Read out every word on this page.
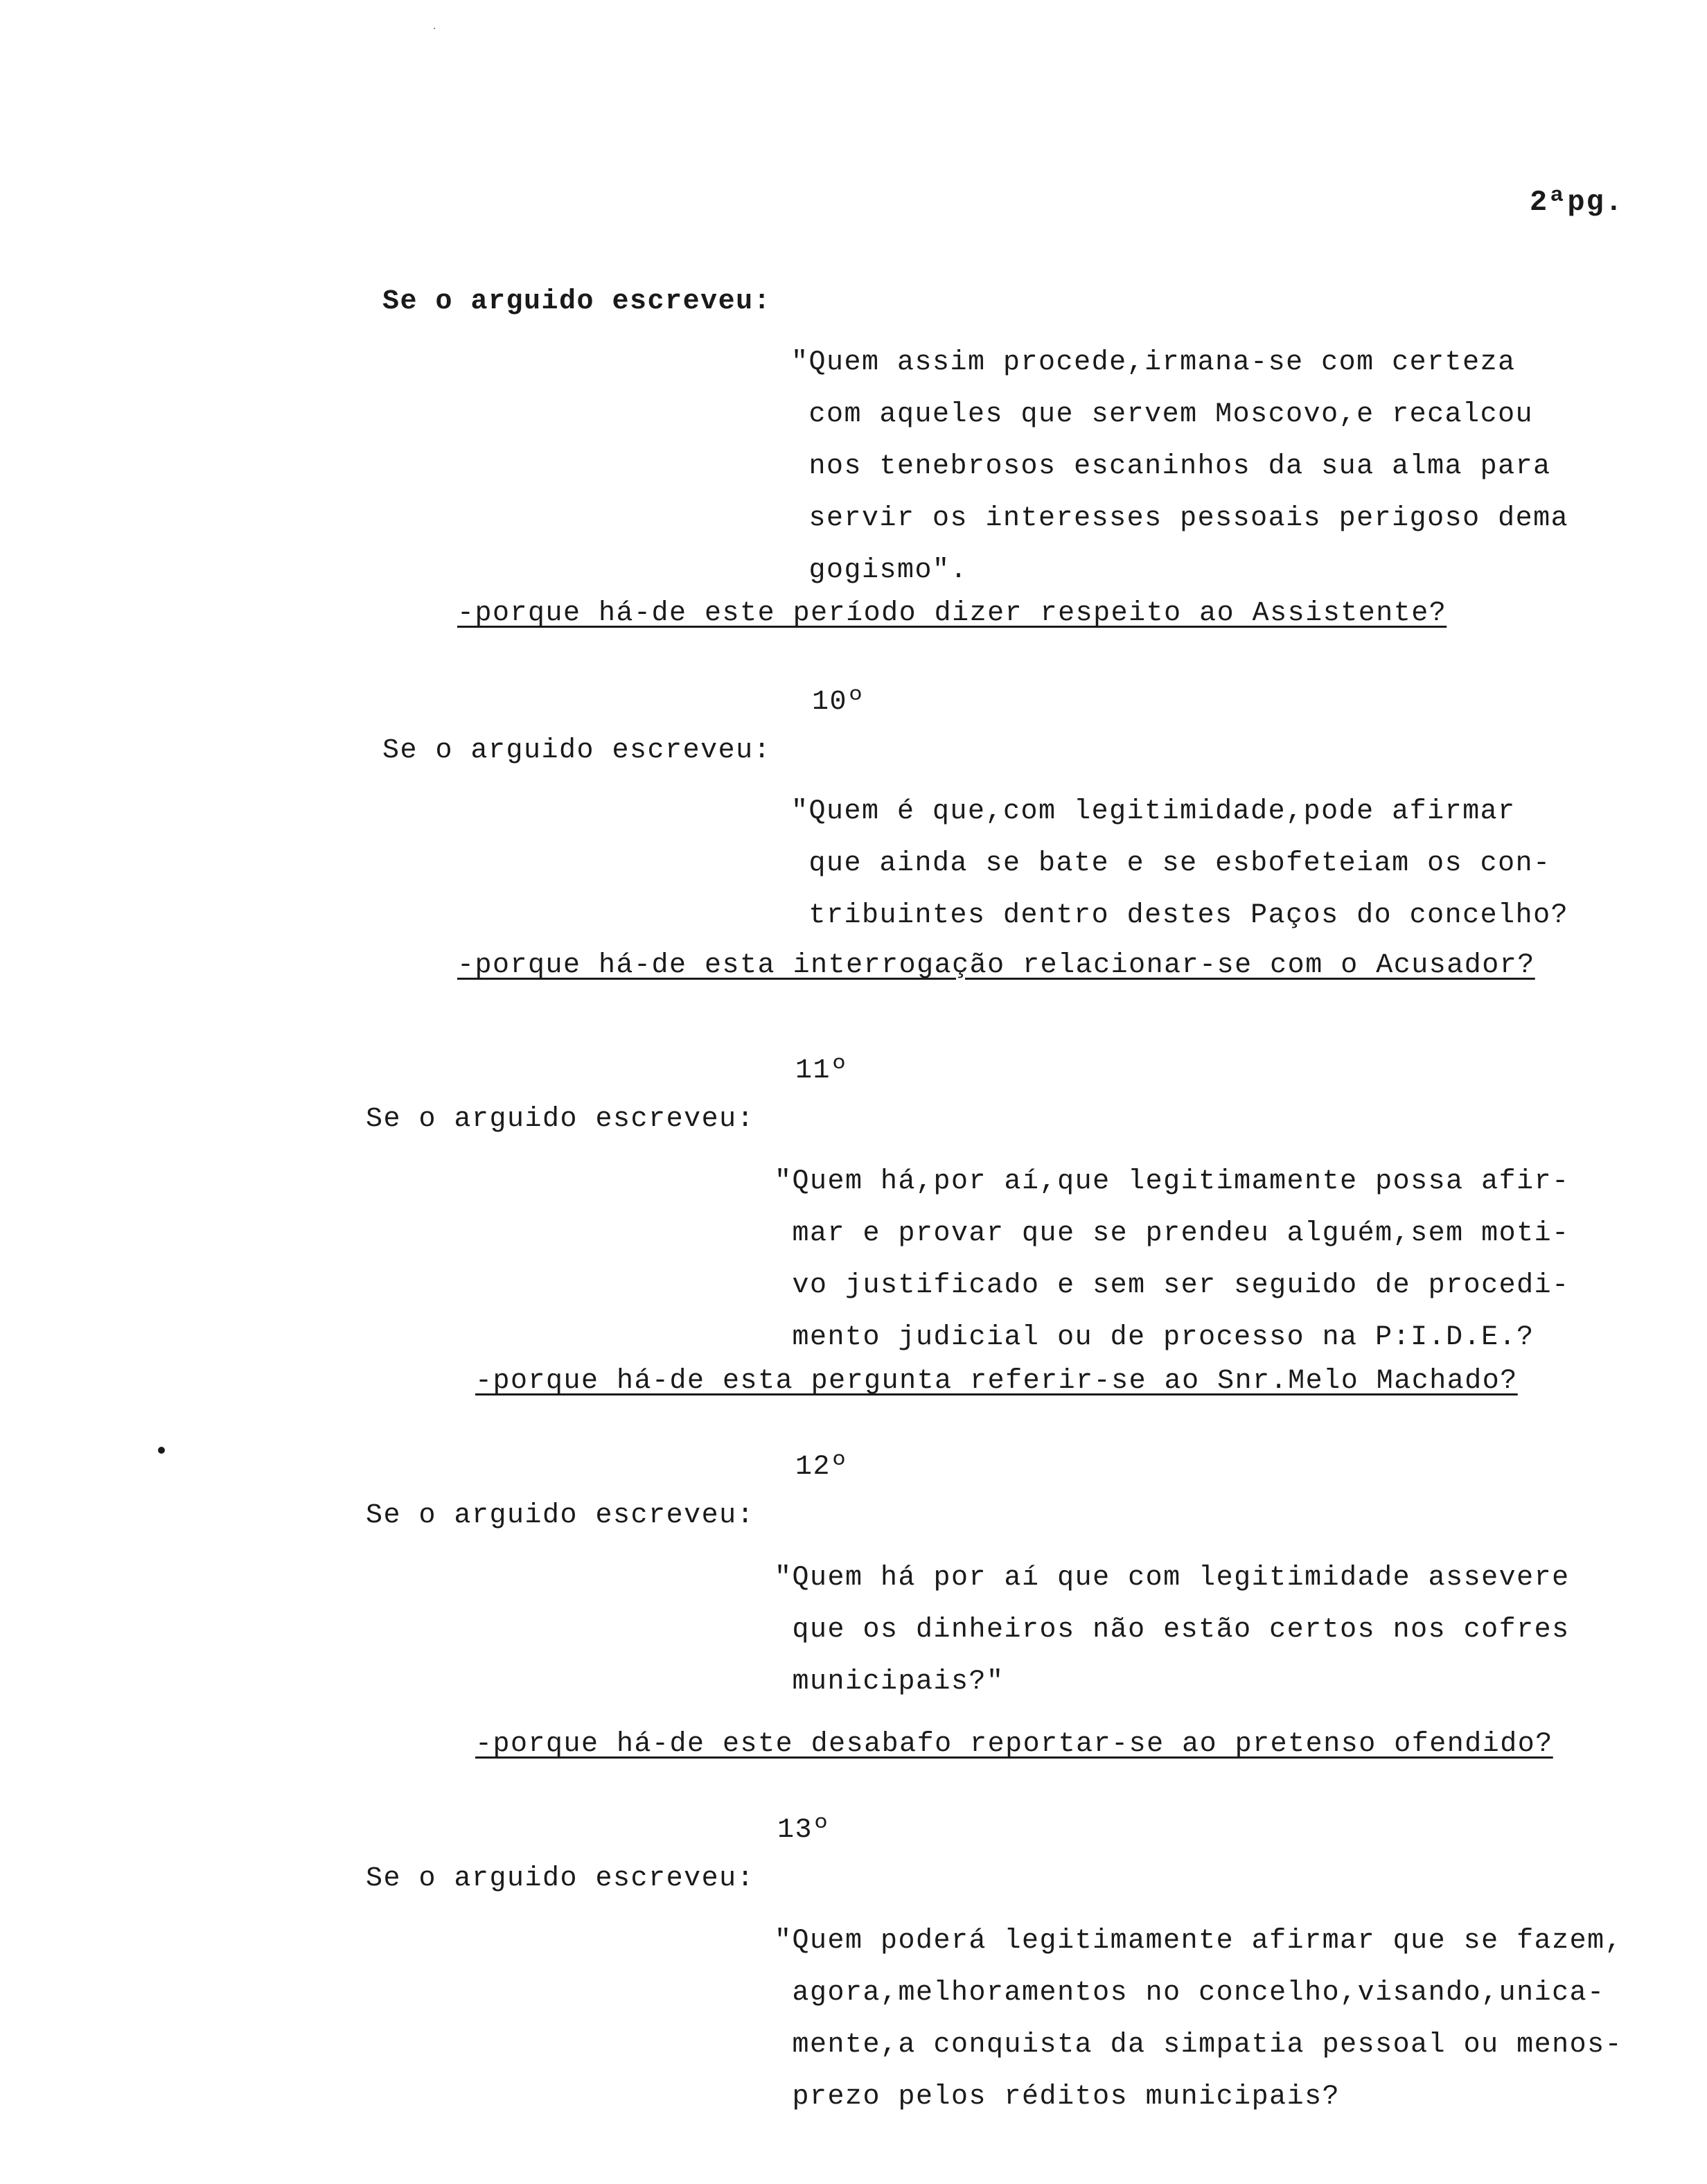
2ªpg.
Se o arguido escreveu:
"Quem assim procede,irmana-se com certeza
com aqueles que servem Moscovo,e recalcou
nos tenebrosos escaninhos da sua alma para
servir os interesses pessoais perigoso dema
gogismo".
-porque há-de este período dizer respeito ao Assistente?
10º
Se o arguido escreveu:
"Quem é que,com legitimidade,pode afirmar
que ainda se bate e se esbofeteiam os con-
tribuintes dentro destes Paços do concelho?
-porque há-de esta interrogação relacionar-se com o Acusador?
11º
Se o arguido escreveu:
"Quem há,por aí,que legitimamente possa afir-
mar e provar que se prendeu alguém,sem moti-
vo justificado e sem ser seguido de procedi-
mento judicial ou de processo na P:I.D.E.?
-porque há-de esta pergunta referir-se ao Snr.Melo Machado?
12º
Se o arguido escreveu:
"Quem há por aí que com legitimidade assevere
que os dinheiros não estão certos nos cofres
municipais?"
-porque há-de este desabafo reportar-se ao pretenso ofendido?
13º
Se o arguido escreveu:
"Quem poderá legitimamente afirmar que se fazem,
agora,melhoramentos no concelho,visando,unica-
mente,a conquista da simpatia pessoal ou menos-
prezo pelos réditos municipais?
